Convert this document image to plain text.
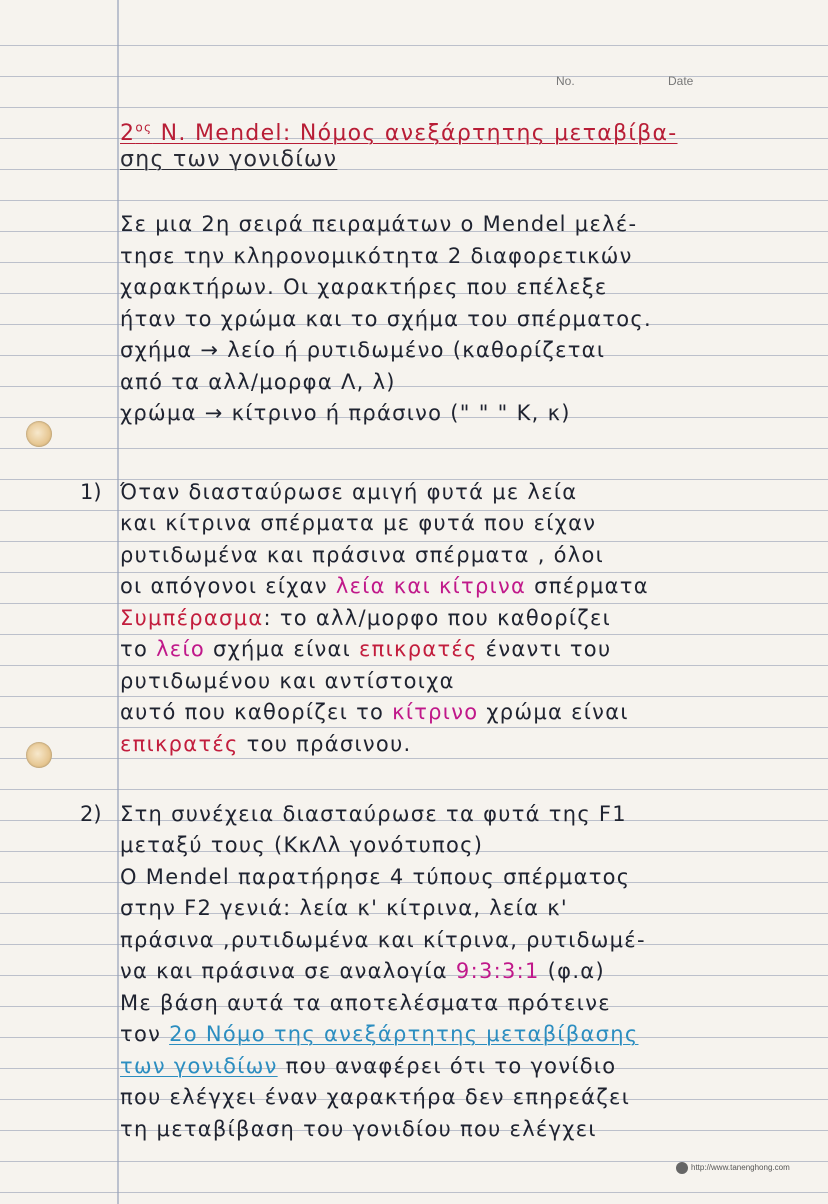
No.	Date
$2^{o\varsigma}$ N. Mendel: Νόμος ανεξάρτητης μεταβίβα-
σης των γονιδίων
Σε μια 2η σειρά πειραμάτων ο Mendel μελέ-
τησε την κληρονομικότητα 2 διαφορετικών
χαρακτήρων. Οι χαρακτήρες που επέλεξε
ήταν το χρώμα και το σχήμα του σπέρματος.
σχήμα → λείο ή ρυτιδωμένο (καθορίζεται
από τα αλλ/μορφα Λ, λ)
χρώμα → κίτρινο ή πράσινο (" " " Κ, κ)
1) Όταν διασταύρωσε αμιγή φυτά με λεία
και κίτρινα σπέρματα με φυτά που είχαν
ρυτιδωμένα και πράσινα σπέρματα , όλοι
οι απόγονοι είχαν λεία και κίτρινα σπέρματα
Συμπέρασμα: το αλλ/μορφο που καθορίζει
το λείο σχήμα είναι επικρατές έναντι του
ρυτιδωμένου και αντίστοιχα
αυτό που καθορίζει το κίτρινο χρώμα είναι
επικρατές του πράσινου.
2) Στη συνέχεια διασταύρωσε τα φυτά της F1
μεταξύ τους (ΚκΛλ γονότυπος)
Ο Mendel παρατήρησε 4 τύπους σπέρματος
στην F2 γενιά: λεία κ' κίτρινα, λεία κ'
πράσινα ,ρυτιδωμένα και κίτρινα, ρυτιδωμέ-
να και πράσινα σε αναλογία 9:3:3:1 (φ.α)
Με βάση αυτά τα αποτελέσματα πρότεινε
τον 2ο Νόμο της ανεξάρτητης μεταβίβασης
των γονιδίων που αναφέρει ότι το γονίδιο
που ελέγχει έναν χαρακτήρα δεν επηρεάζει
τη μεταβίβαση του γονιδίου που ελέγχει
http://www.tanenghong.com
